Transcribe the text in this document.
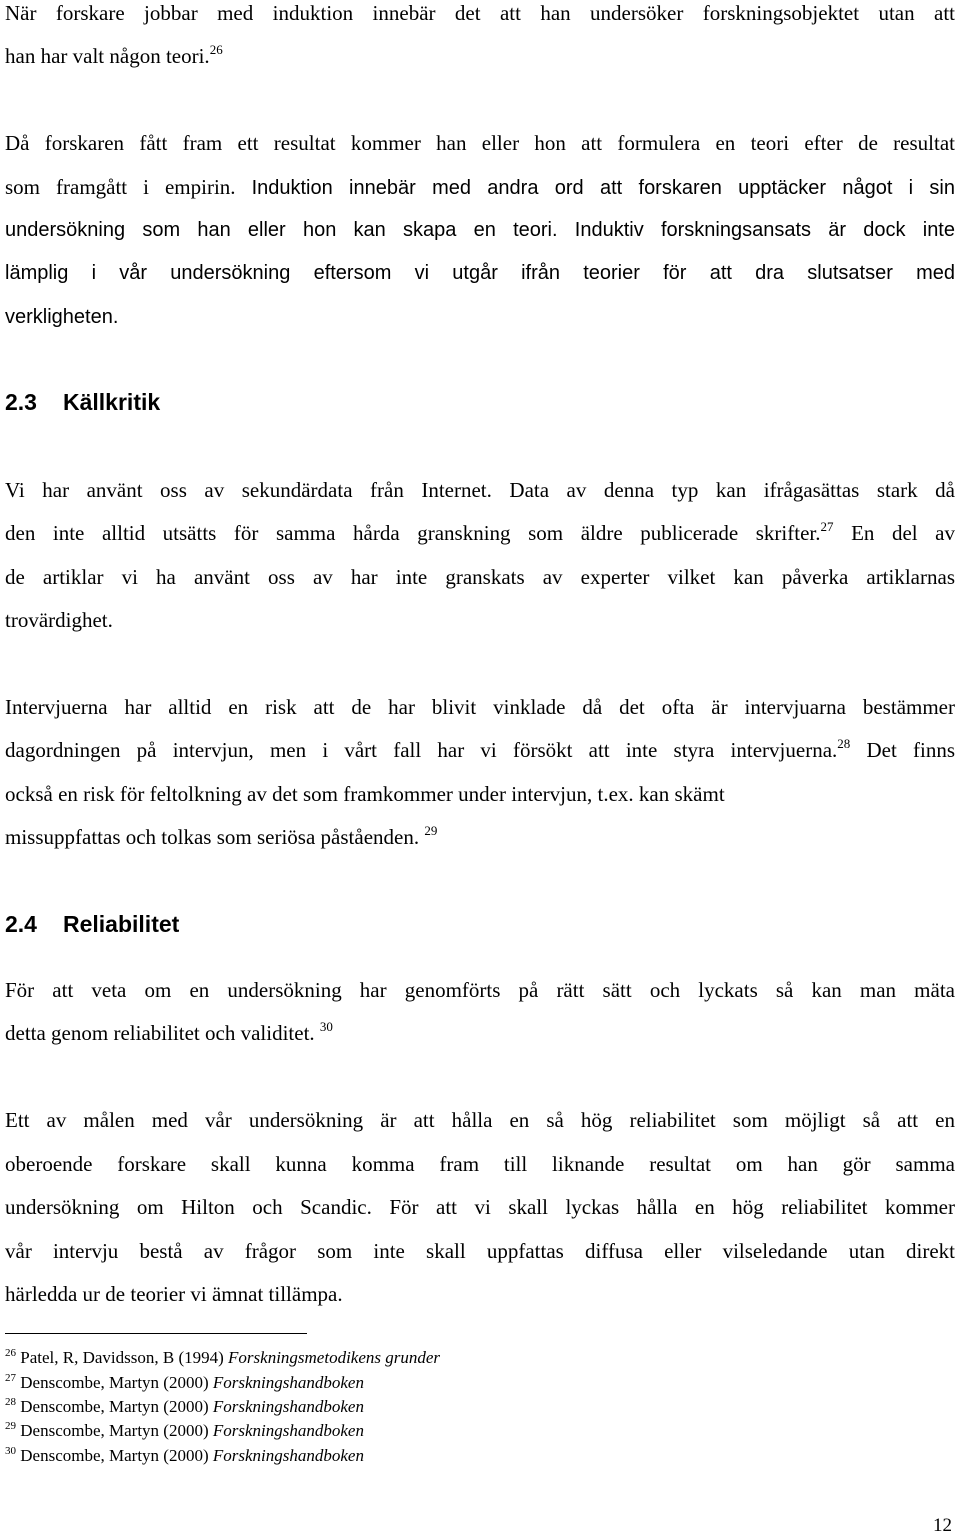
När forskare jobbar med induktion innebär det att han undersöker forskningsobjektet utan att
han har valt någon teori.$^{26}$
Då forskaren fått fram ett resultat kommer han eller hon att formulera en teori efter de resultat
som framgått i empirin. Induktion innebär med andra ord att forskaren upptäcker något i sin
undersökning som han eller hon kan skapa en teori. Induktiv forskningsansats är dock inte
lämplig i vår undersökning eftersom vi utgår ifrån teorier för att dra slutsatser med
verkligheten.
2.3 Källkritik
Vi har använt oss av sekundärdata från Internet. Data av denna typ kan ifrågasättas stark då
den inte alltid utsätts för samma hårda granskning som äldre publicerade skrifter.$^{27}$ En del av
de artiklar vi ha använt oss av har inte granskats av experter vilket kan påverka artiklarnas
trovärdighet.
Intervjuerna har alltid en risk att de har blivit vinklade då det ofta är intervjuarna bestämmer
dagordningen på intervjun, men i vårt fall har vi försökt att inte styra intervjuerna.$^{28}$ Det finns
också en risk för feltolkning av det som framkommer under intervjun, t.ex. kan skämt
missuppfattas och tolkas som seriösa påståenden. $^{29}$
2.4 Reliabilitet
För att veta om en undersökning har genomförts på rätt sätt och lyckats så kan man mäta
detta genom reliabilitet och validitet. $^{30}$
Ett av målen med vår undersökning är att hålla en så hög reliabilitet som möjligt så att en
oberoende forskare skall kunna komma fram till liknande resultat om han gör samma
undersökning om Hilton och Scandic. För att vi skall lyckas hålla en hög reliabilitet kommer
vår intervju bestå av frågor som inte skall uppfattas diffusa eller vilseledande utan direkt
härledda ur de teorier vi ämnat tillämpa.
$^{26}$ Patel, R, Davidsson, B (1994) Forskningsmetodikens grunder
$^{27}$ Denscombe, Martyn (2000) Forskningshandboken
$^{28}$ Denscombe, Martyn (2000) Forskningshandboken
$^{29}$ Denscombe, Martyn (2000) Forskningshandboken
$^{30}$ Denscombe, Martyn (2000) Forskningshandboken
12
